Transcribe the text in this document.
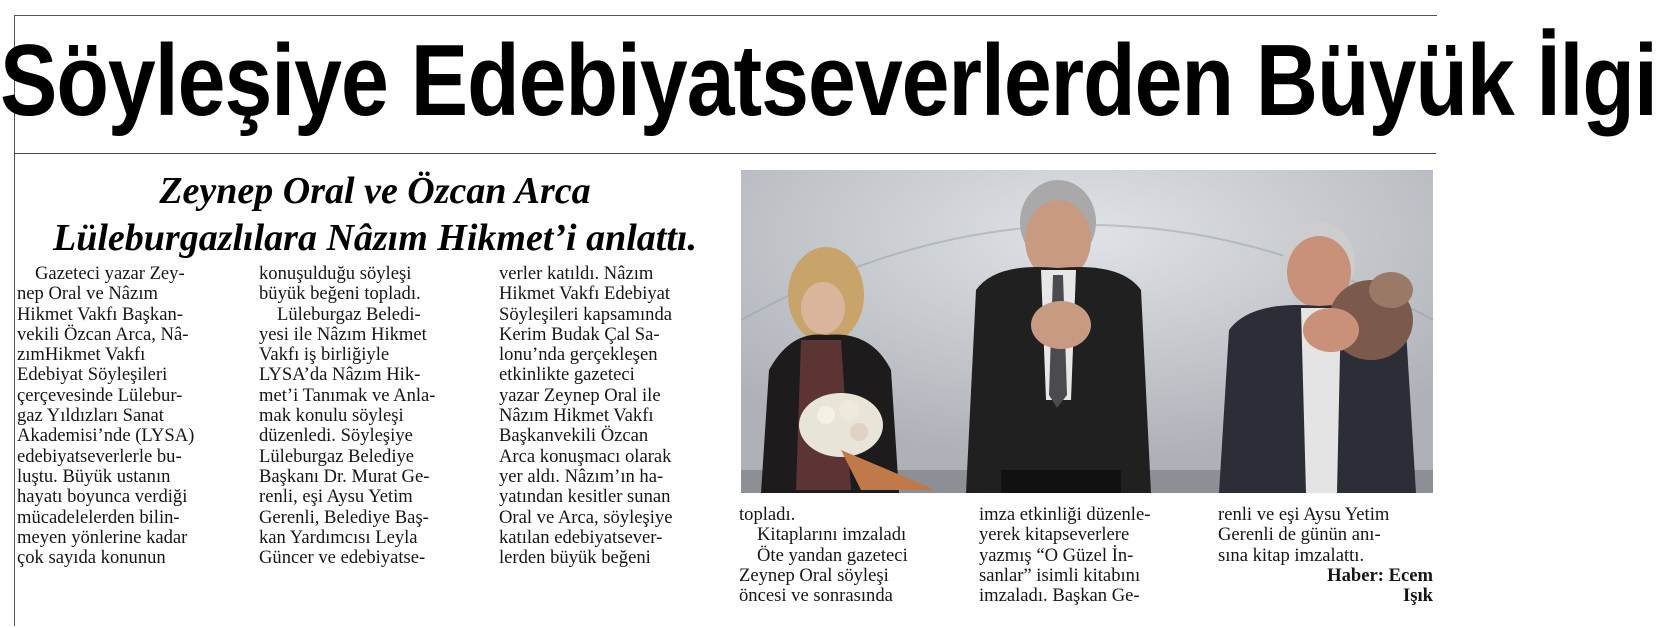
Söyleşiye Edebiyatseverlerden Büyük İlgi
Zeynep Oral ve Özcan Arca
Lüleburgazlılara Nâzım Hikmet’i anlattı.
Gazeteci yazar Zey-
nep Oral ve Nâzım
Hikmet Vakfı Başkan-
vekili Özcan Arca, Nâ-
zımHikmet Vakfı
Edebiyat Söyleşileri
çerçevesinde Lülebur-
gaz Yıldızları Sanat
Akademisi’nde (LYSA)
edebiyatseverlerle bu-
luştu. Büyük ustanın
hayatı boyunca verdiği
mücadelelerden bilin-
meyen yönlerine kadar
çok sayıda konunun
konuşulduğu söyleşi
büyük beğeni topladı.
Lüleburgaz Beledi-
yesi ile Nâzım Hikmet
Vakfı iş birliğiyle
LYSA’da Nâzım Hik-
met’i Tanımak ve Anla-
mak konulu söyleşi
düzenledi. Söyleşiye
Lüleburgaz Belediye
Başkanı Dr. Murat Ge-
renli, eşi Aysu Yetim
Gerenli, Belediye Baş-
kan Yardımcısı Leyla
Güncer ve edebiyatse-
verler katıldı. Nâzım
Hikmet Vakfı Edebiyat
Söyleşileri kapsamında
Kerim Budak Çal Sa-
lonu’nda gerçekleşen
etkinlikte gazeteci
yazar Zeynep Oral ile
Nâzım Hikmet Vakfı
Başkanvekili Özcan
Arca konuşmacı olarak
yer aldı. Nâzım’ın ha-
yatından kesitler sunan
Oral ve Arca, söyleşiye
katılan edebiyatsever-
lerden büyük beğeni
topladı.
Kitaplarını imzaladı
Öte yandan gazeteci
Zeynep Oral söyleşi
öncesi ve sonrasında
imza etkinliği düzenle-
yerek kitapseverlere
yazmış “O Güzel İn-
sanlar” isimli kitabını
imzaladı. Başkan Ge-
renli ve eşi Aysu Yetim
Gerenli de günün anı-
sına kitap imzalattı.
Haber: Ecem
Işık
